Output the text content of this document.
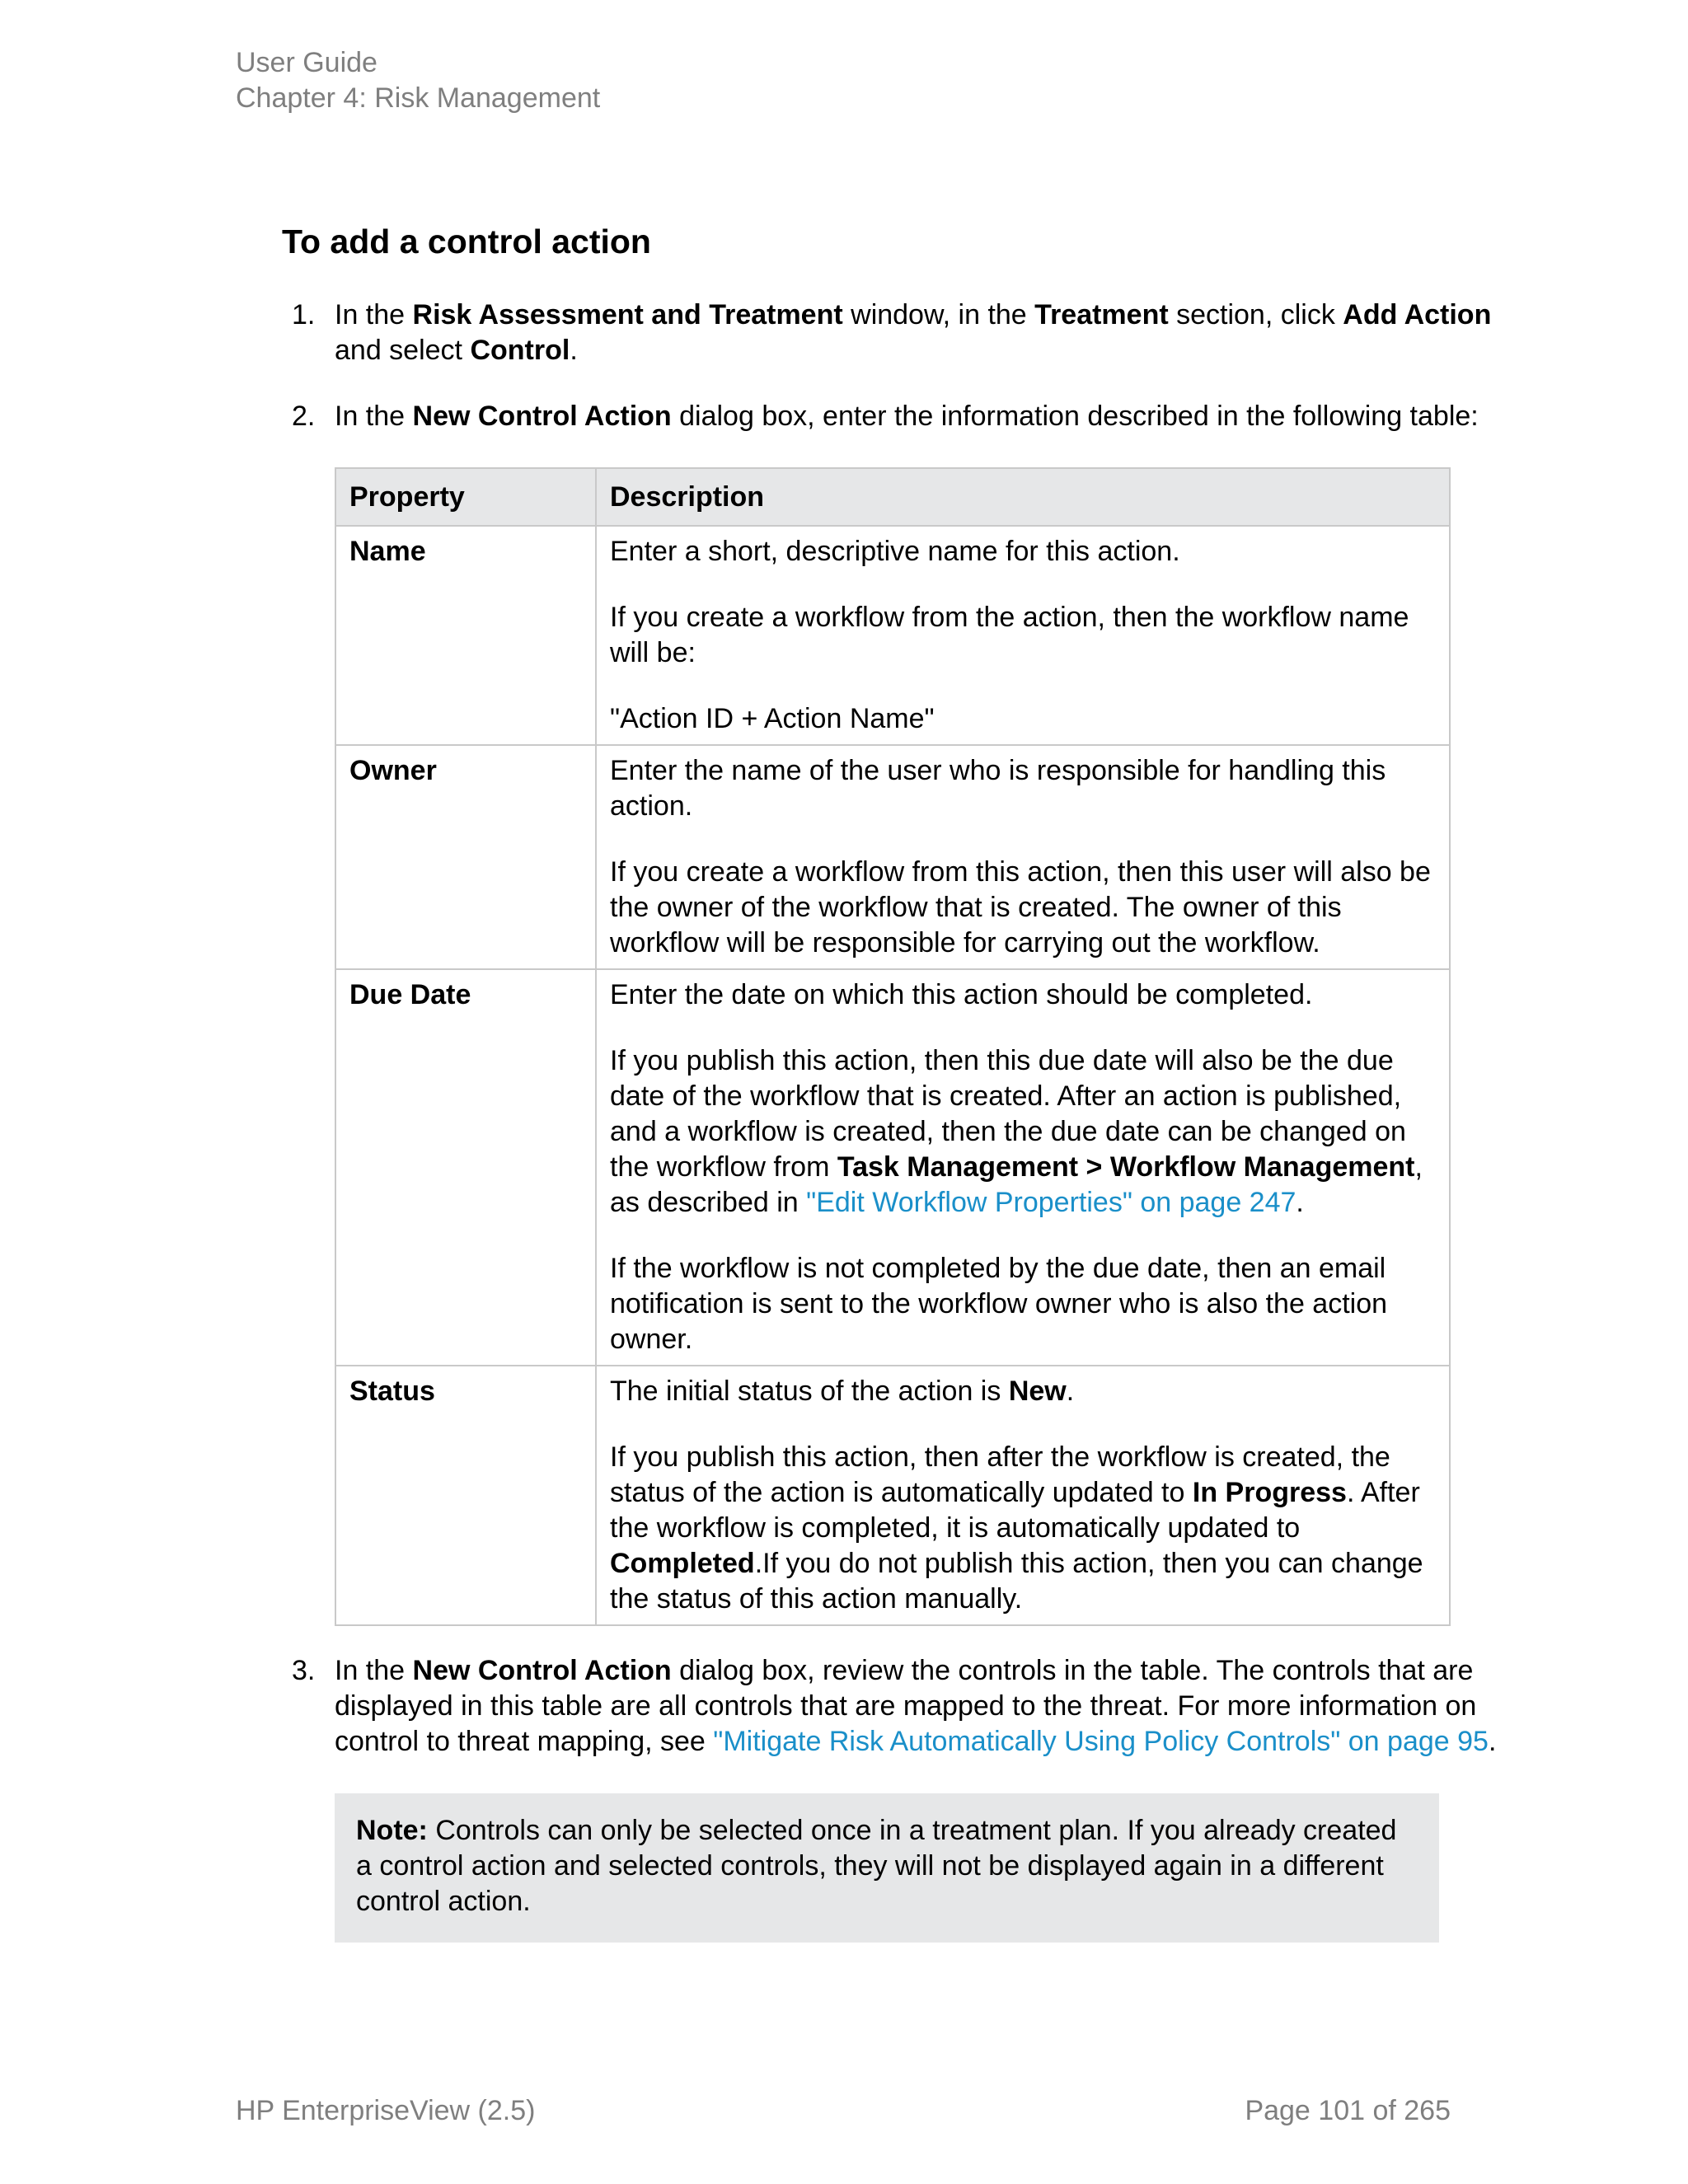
User Guide
Chapter 4: Risk Management
To add a control action
1. In the Risk Assessment and Treatment window, in the Treatment section, click Add Action and select Control.
2. In the New Control Action dialog box, enter the information described in the following table:
Property	Description
Name	Enter a short, descriptive name for this action.

If you create a workflow from the action, then the workflow name will be:

"Action ID + Action Name"

Owner	Enter the name of the user who is responsible for handling this action.

If you create a workflow from this action, then this user will also be the owner of the workflow that is created. The owner of this workflow will be responsible for carrying out the workflow.

Due Date	Enter the date on which this action should be completed.

If you publish this action, then this due date will also be the due date of the workflow that is created. After an action is published, and a workflow is created, then the due date can be changed on the workflow from Task Management > Workflow Management, as described in "Edit Workflow Properties" on page 247.

If the workflow is not completed by the due date, then an email notification is sent to the workflow owner who is also the action owner.

Status	The initial status of the action is New.

If you publish this action, then after the workflow is created, the status of the action is automatically updated to In Progress. After the workflow is completed, it is automatically updated to Completed.If you do not publish this action, then you can change the status of this action manually.

3. In the New Control Action dialog box, review the controls in the table. The controls that are displayed in this table are all controls that are mapped to the threat. For more information on control to threat mapping, see "Mitigate Risk Automatically Using Policy Controls" on page 95.
Note: Controls can only be selected once in a treatment plan. If you already created a control action and selected controls, they will not be displayed again in a different control action.
HP EnterpriseView (2.5)	Page 101 of 265
